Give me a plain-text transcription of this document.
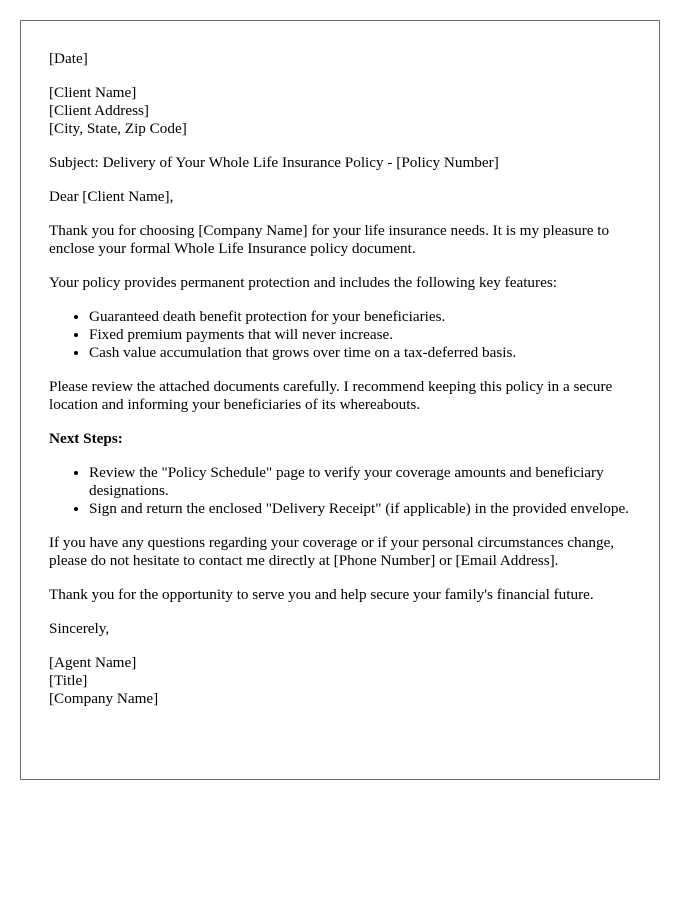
[Date]

[Client Name]
[Client Address]
[City, State, Zip Code]

Subject: Delivery of Your Whole Life Insurance Policy - [Policy Number]

Dear [Client Name],

Thank you for choosing [Company Name] for your life insurance needs. It is my pleasure to enclose your formal Whole Life Insurance policy document.

Your policy provides permanent protection and includes the following key features:

• Guaranteed death benefit protection for your beneficiaries.
• Fixed premium payments that will never increase.
• Cash value accumulation that grows over time on a tax-deferred basis.

Please review the attached documents carefully. I recommend keeping this policy in a secure location and informing your beneficiaries of its whereabouts.

Next Steps:

• Review the "Policy Schedule" page to verify your coverage amounts and beneficiary designations.
• Sign and return the enclosed "Delivery Receipt" (if applicable) in the provided envelope.

If you have any questions regarding your coverage or if your personal circumstances change, please do not hesitate to contact me directly at [Phone Number] or [Email Address].

Thank you for the opportunity to serve you and help secure your family's financial future.

Sincerely,

[Agent Name]
[Title]
[Company Name]
